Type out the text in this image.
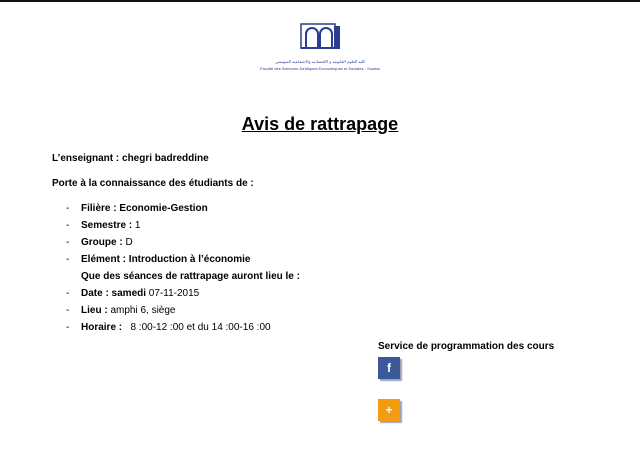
كلية العلوم القانونية و الاقتصادية والاجتماعية السويسي
Faculté des Sciences Juridiques Economiques et Sociales - Souissi
Avis de rattrapage
L’enseignant : chegri badreddine
Porte à la connaissance des étudiants de :
- Filière : Economie-Gestion
- Semestre : 1
- Groupe : D
- Elément : Introduction à l’économie
Que des séances de rattrapage auront lieu le :
- Date : samedi 07-11-2015
- Lieu : amphi 6, siège
- Horaire :   8 :00-12 :00 et du 14 :00-16 :00
Service de programmation des cours
f
+
